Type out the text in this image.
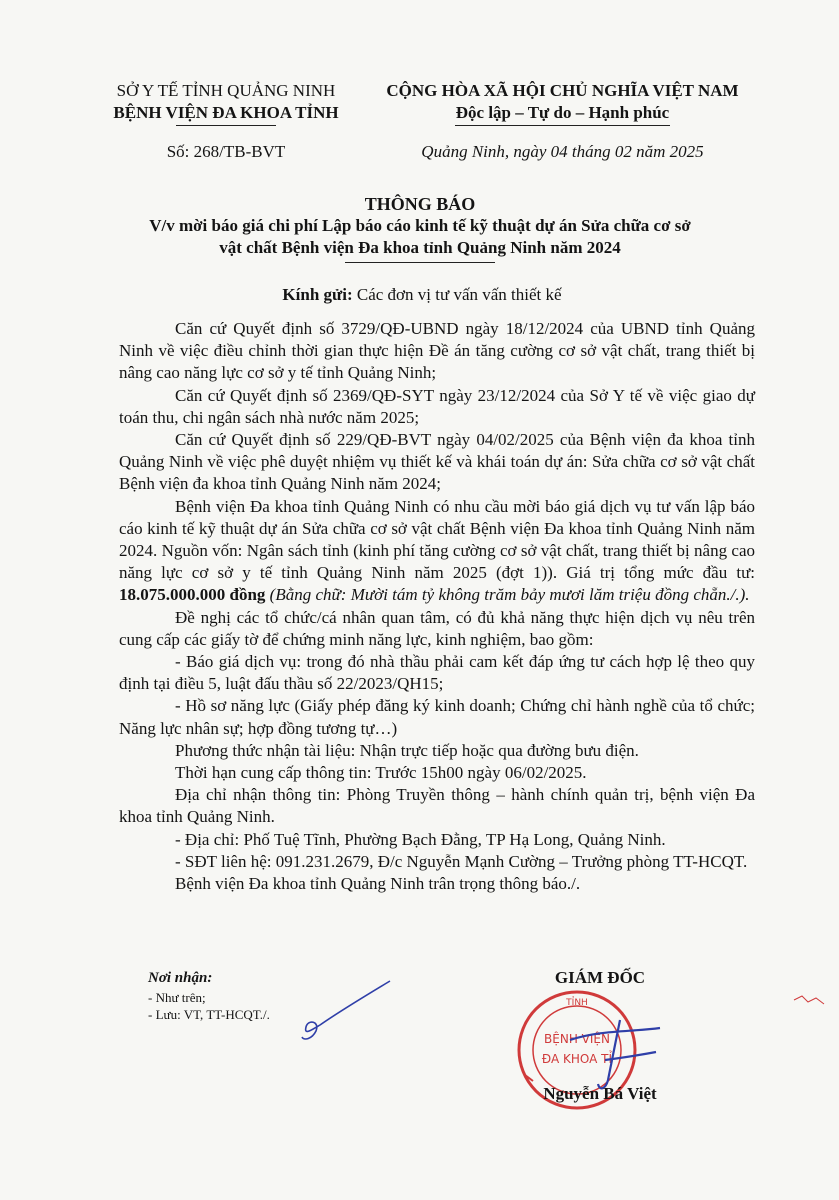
SỞ Y TẾ TỈNH QUẢNG NINH
BỆNH VIỆN ĐA KHOA TỈNH
Số: 268/TB-BVT
CỘNG HÒA XÃ HỘI CHỦ NGHĨA VIỆT NAM
Độc lập – Tự do – Hạnh phúc
Quảng Ninh, ngày 04 tháng 02 năm 2025
THÔNG BÁO
V/v mời báo giá chi phí Lập báo cáo kinh tế kỹ thuật dự án Sửa chữa cơ sở
vật chất Bệnh viện Đa khoa tỉnh Quảng Ninh năm 2024
Kính gửi: Các đơn vị tư vấn vấn thiết kế

Căn cứ Quyết định số 3729/QĐ-UBND ngày 18/12/2024 của UBND tỉnh Quảng Ninh về việc điều chỉnh thời gian thực hiện Đề án tăng cường cơ sở vật chất, trang thiết bị nâng cao năng lực cơ sở y tế tỉnh Quảng Ninh;

Căn cứ Quyết định số 2369/QĐ-SYT ngày 23/12/2024 của Sở Y tế về việc giao dự toán thu, chi ngân sách nhà nước năm 2025;

Căn cứ Quyết định số 229/QĐ-BVT ngày 04/02/2025 của Bệnh viện đa khoa tỉnh Quảng Ninh về việc phê duyệt nhiệm vụ thiết kế và khái toán dự án: Sửa chữa cơ sở vật chất Bệnh viện đa khoa tỉnh Quảng Ninh năm 2024;

Bệnh viện Đa khoa tỉnh Quảng Ninh có nhu cầu mời báo giá dịch vụ tư vấn lập báo cáo kinh tế kỹ thuật dự án Sửa chữa cơ sở vật chất Bệnh viện Đa khoa tỉnh Quảng Ninh năm 2024. Nguồn vốn: Ngân sách tỉnh (kinh phí tăng cường cơ sở vật chất, trang thiết bị nâng cao năng lực cơ sở y tế tỉnh Quảng Ninh năm 2025 (đợt 1)). Giá trị tổng mức đầu tư: 18.075.000.000 đồng (Bằng chữ: Mười tám tỷ không trăm bảy mươi lăm triệu đồng chẵn./.).

Đề nghị các tổ chức/cá nhân quan tâm, có đủ khả năng thực hiện dịch vụ nêu trên cung cấp các giấy tờ để chứng minh năng lực, kinh nghiệm, bao gồm:

- Báo giá dịch vụ: trong đó nhà thầu phải cam kết đáp ứng tư cách hợp lệ theo quy định tại điều 5, luật đấu thầu số 22/2023/QH15;

- Hồ sơ năng lực (Giấy phép đăng ký kinh doanh; Chứng chỉ hành nghề của tổ chức; Năng lực nhân sự; hợp đồng tương tự…)

Phương thức nhận tài liệu: Nhận trực tiếp hoặc qua đường bưu điện.

Thời hạn cung cấp thông tin: Trước 15h00 ngày 06/02/2025.

Địa chỉ nhận thông tin: Phòng Truyền thông – hành chính quản trị, bệnh viện Đa khoa tỉnh Quảng Ninh.

- Địa chỉ: Phố Tuệ Tĩnh, Phường Bạch Đằng, TP Hạ Long, Quảng Ninh.

- SĐT liên hệ: 091.231.2679, Đ/c Nguyễn Mạnh Cường – Trưởng phòng TT-HCQT.

Bệnh viện Đa khoa tỉnh Quảng Ninh trân trọng thông báo./.

Nơi nhận:
- Như trên;
- Lưu: VT, TT-HCQT./.
TỈNH
BỆNH VIỆN
ĐA KHOA TỈ
GIÁM ĐỐC
Nguyễn Bá Việt
